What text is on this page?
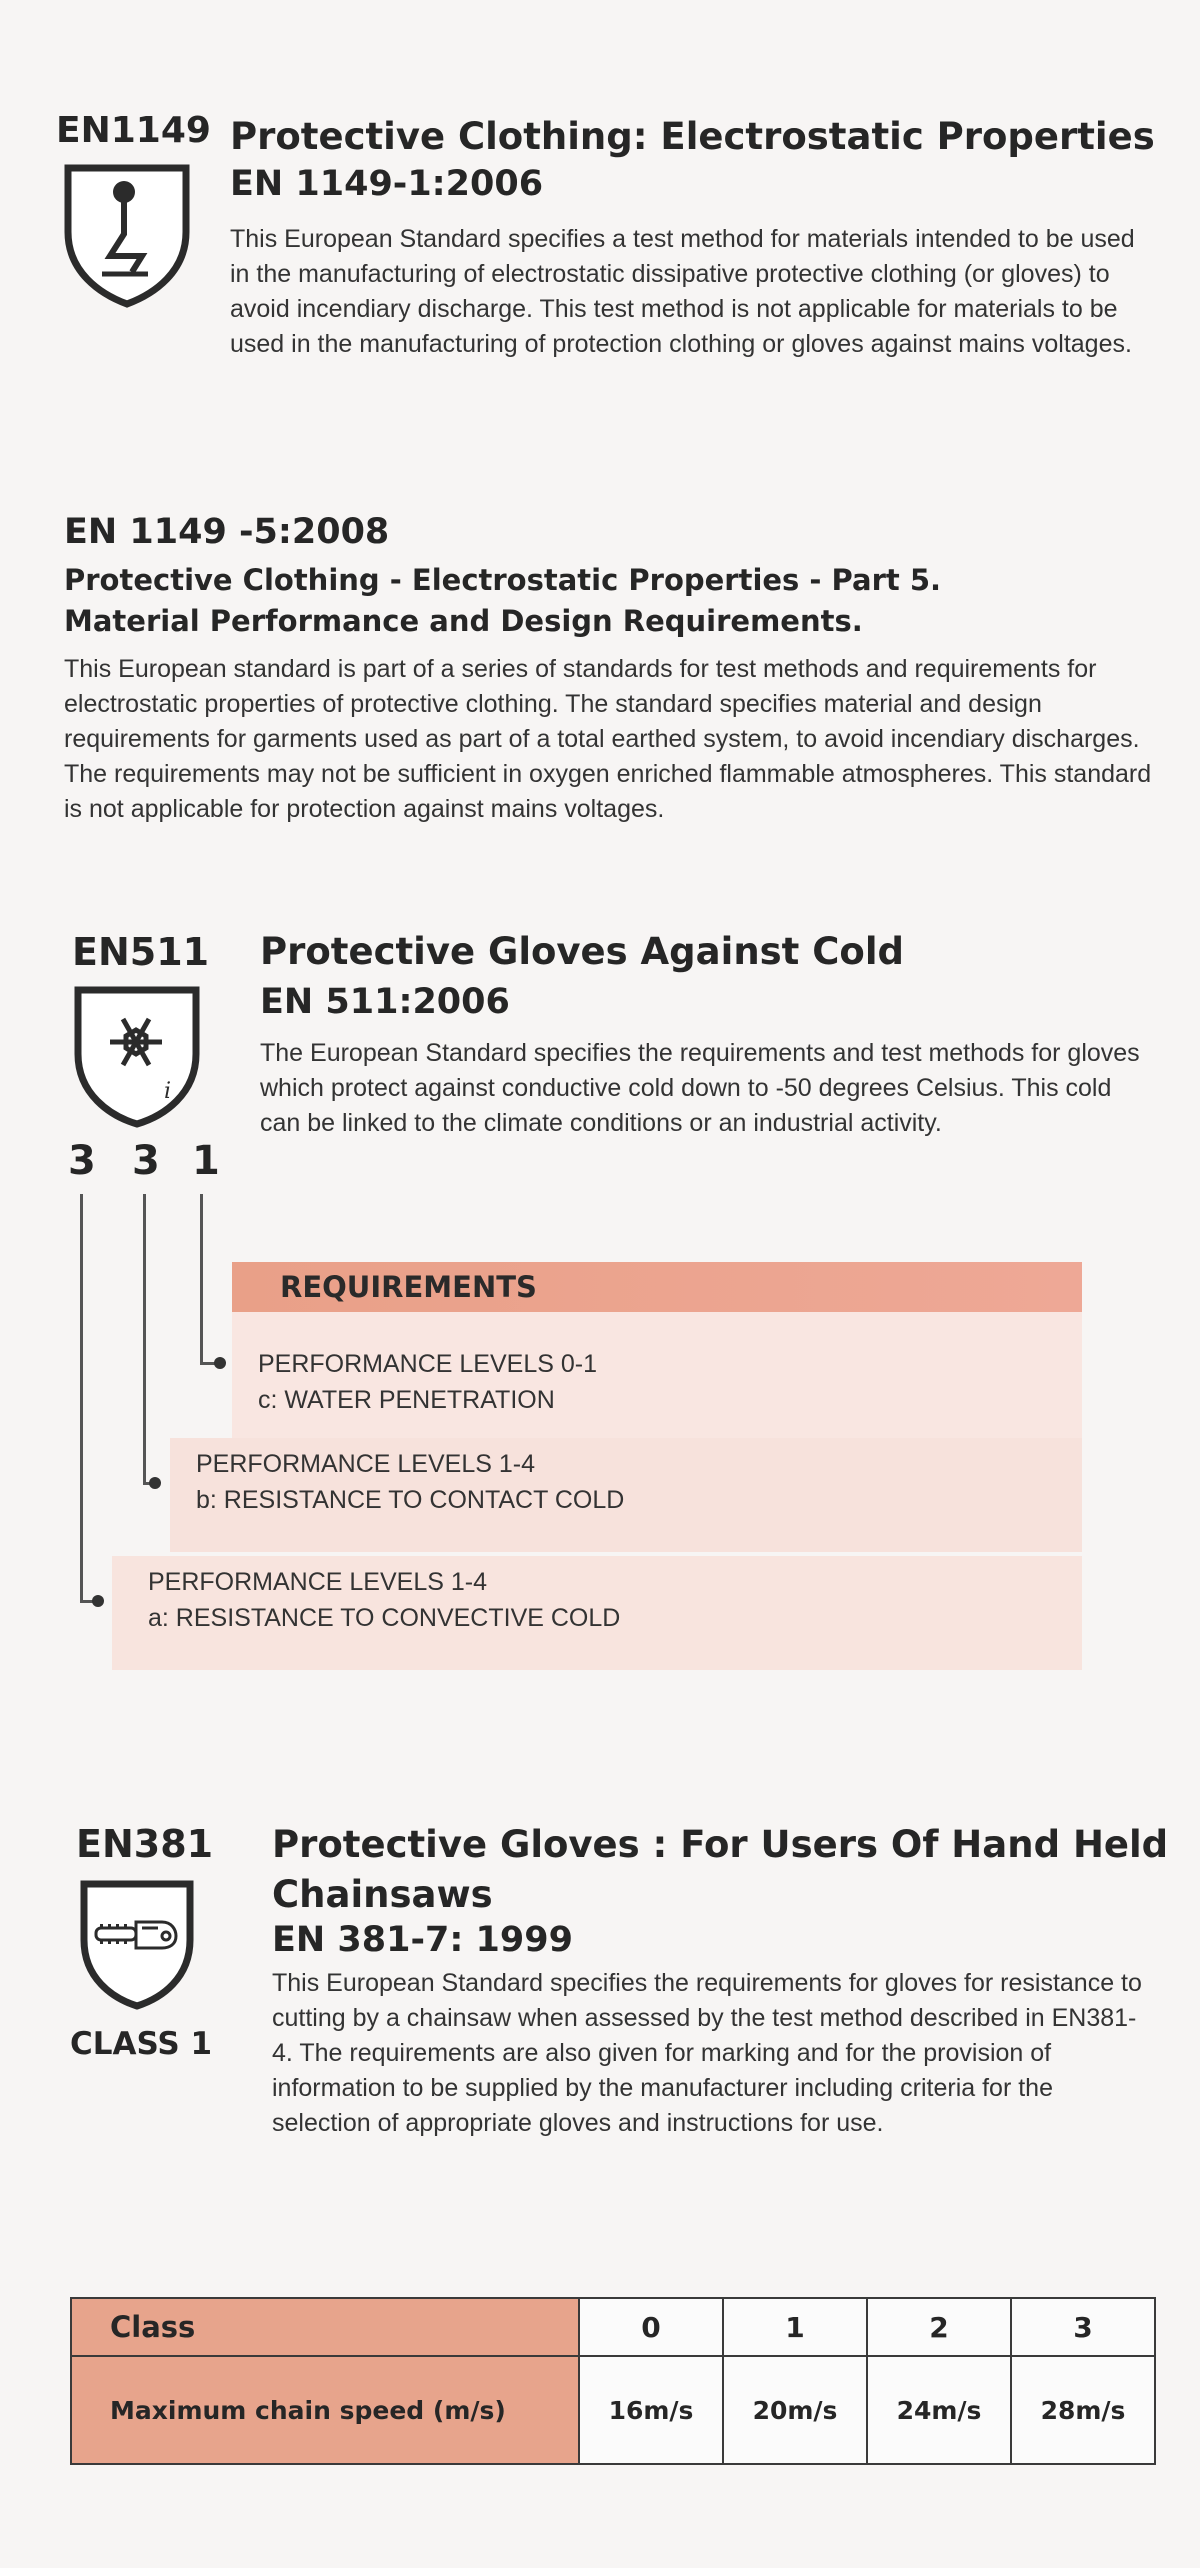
EN1149 Protective Clothing: Electrostatic Properties
EN 1149-1:2006
This European Standard specifies a test method for materials intended to be used in the manufacturing of electrostatic dissipative protective clothing (or gloves) to avoid incendiary discharge. This test method is not applicable for materials to be used in the manufacturing of protection clothing or gloves against mains voltages.
EN 1149 -5:2008
Protective Clothing - Electrostatic Properties - Part 5. Material Performance and Design Requirements.
This European standard is part of a series of standards for test methods and requirements for electrostatic properties of protective clothing. The standard specifies material and design requirements for garments used as part of a total earthed system, to avoid incendiary discharges. The requirements may not be sufficient in oxygen enriched flammable atmospheres. This standard is not applicable for protection against mains voltages.
EN511
i
3 3 1
Protective Gloves Against Cold
EN 511:2006
The European Standard specifies the requirements and test methods for gloves which protect against conductive cold down to -50 degrees Celsius. This cold can be linked to the climate conditions or an industrial activity.
REQUIREMENTS
PERFORMANCE LEVELS 0-1
c: WATER PENETRATION
PERFORMANCE LEVELS 1-4
b: RESISTANCE TO CONTACT COLD
PERFORMANCE LEVELS 1-4
a: RESISTANCE TO CONVECTIVE COLD
EN381
CLASS 1
Protective Gloves : For Users Of Hand Held Chainsaws
EN 381-7: 1999
This European Standard specifies the requirements for gloves for resistance to cutting by a chainsaw when assessed by the test method described in EN381-4. The requirements are also given for marking and for the provision of information to be supplied by the manufacturer including criteria for the selection of appropriate gloves and instructions for use.
Class	0	1	2	3
Maximum chain speed (m/s)	16m/s	20m/s	24m/s	28m/s
